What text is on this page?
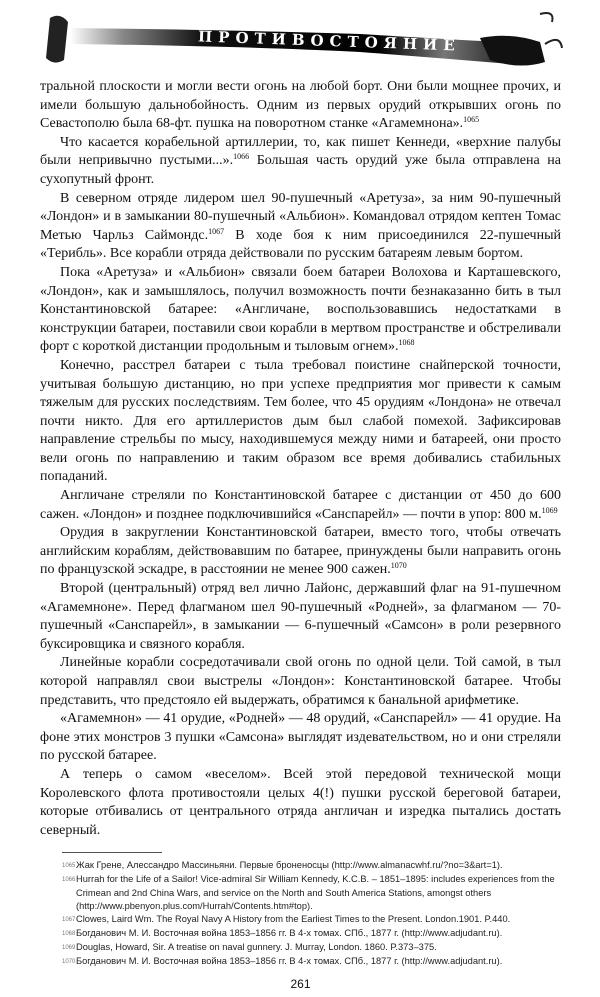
ПРОТИВОСТОЯНИЕ

тральной плоскости и могли вести огонь на любой борт. Они были мощнее прочих, и имели большую дальнобойность. Одним из первых орудий открывших огонь по Севастополю была 68-фт. пушка на поворотном станке «Агамемнона».$^{1065}$

Что касается корабельной артиллерии, то, как пишет Кеннеди, «верхние палубы были непривычно пустыми...».$^{1066}$ Большая часть орудий уже была отправлена на сухопутный фронт.

В северном отряде лидером шел 90-пушечный «Аретуза», за ним 90-пушечный «Лондон» и в замыкании 80-пушечный «Альбион». Командовал отрядом кептен Томас Метью Чарльз Саймондс.$^{1067}$ В ходе боя к ним присоединился 22-пушечный «Терибль». Все корабли отряда действовали по русским батареям левым бортом.

Пока «Аретуза» и «Альбион» связали боем батареи Волохова и Карташевского, «Лондон», как и замышлялось, получил возможность почти безнаказанно бить в тыл Константиновской батарее: «Англичане, воспользовавшись недостатками в конструкции батареи, поставили свои корабли в мертвом пространстве и обстреливали форт с короткой дистанции продольным и тыловым огнем».$^{1068}$

Конечно, расстрел батареи с тыла требовал поистине снайперской точности, учитывая большую дистанцию, но при успехе предприятия мог привести к самым тяжелым для русских последствиям. Тем более, что 45 орудиям «Лондона» не отвечал почти никто. Для его артиллеристов дым был слабой помехой. Зафиксировав направление стрельбы по мысу, находившемуся между ними и батареей, они просто вели огонь по направлению и таким образом все время добивались стабильных попаданий.

Англичане стреляли по Константиновской батарее с дистанции от 450 до 600 сажен. «Лондон» и позднее подключившийся «Санспарейл» — почти в упор: 800 м.$^{1069}$

Орудия в закруглении Константиновской батареи, вместо того, чтобы отвечать английским кораблям, действовавшим по батарее, принуждены были направить огонь по французской эскадре, в расстоянии не менее 900 сажен.$^{1070}$

Второй (центральный) отряд вел лично Лайонс, державший флаг на 91-пушечном «Агамемноне». Перед флагманом шел 90-пушечный «Родней», за флагманом — 70-пушечный «Санспарейл», в замыкании — 6-пушечный «Самсон» в роли резервного буксировщика и связного корабля.

Линейные корабли сосредотачивали свой огонь по одной цели. Той самой, в тыл которой направлял свои выстрелы «Лондон»: Константиновской батарее. Чтобы представить, что предстояло ей выдержать, обратимся к банальной арифметике.

«Агамемнон» — 41 орудие, «Родней» — 48 орудий, «Санспарейл» — 41 орудие. На фоне этих монстров 3 пушки «Самсона» выглядят издевательством, но и они стреляли по русской батарее.

А теперь о самом «веселом». Всей этой передовой технической мощи Королевского флота противостояли целых 4(!) пушки русской береговой батареи, которые отбивались от центрального отряда англичан и изредка пытались достать северный.

1065Жак Грене, Алессандро Массиньяни. Первые броненосцы (http://www.almanacwhf.ru/?no=3&art=1).
1066Hurrah for the Life of a Sailor! Vice-admiral Sir William Kennedy, K.C.B. – 1851–1895: includes experiences from the Crimean and 2nd China Wars, and service on the North and South America Stations, amongst others (http://www.pbenyon.plus.com/Hurrah/Contents.htm#top).
1067Clowes, Laird Wm. The Royal Navy A History from the Earliest Times to the Present. London.1901. P.440.
1068Богданович М. И. Восточная война 1853–1856 гг. В 4-х томах. СПб., 1877 г. (http://www.adjudant.ru).
1069Douglas, Howard, Sir. A treatise on naval gunnery. J. Murray, London. 1860. P.373–375.
1070Богданович М. И. Восточная война 1853–1856 гг. В 4-х томах. СПб., 1877 г. (http://www.adjudant.ru).
261
